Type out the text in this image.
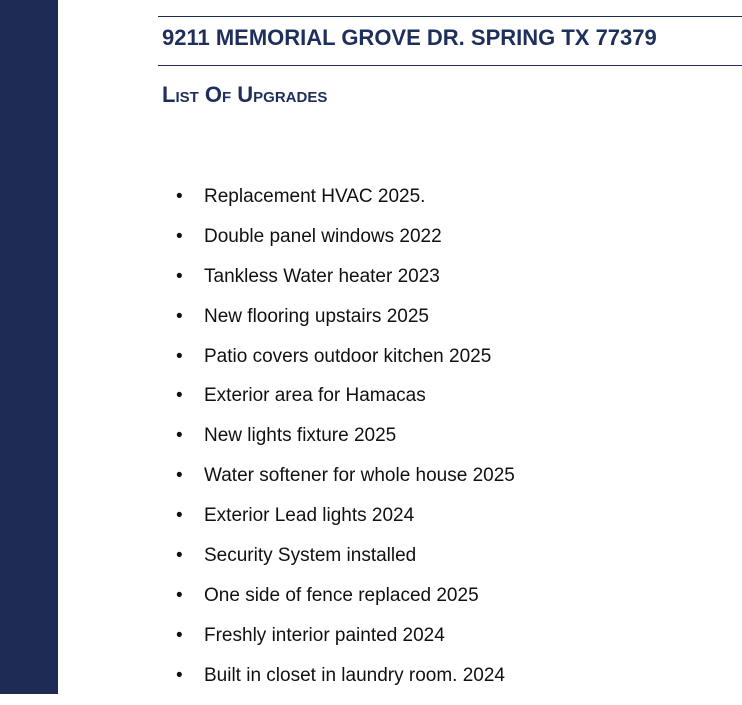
9211 MEMORIAL GROVE DR. SPRING TX 77379
List Of Upgrades
•	Replacement HVAC 2025.
•	Double panel windows 2022
•	Tankless Water heater 2023
•	New flooring upstairs 2025
•	Patio covers outdoor kitchen 2025
•	Exterior area for Hamacas
•	New lights fixture 2025
•	Water softener for whole house 2025
•	Exterior Lead lights 2024
•	Security System installed
•	One side of fence replaced 2025
•	Freshly interior painted 2024
•	Built in closet in laundry room. 2024
